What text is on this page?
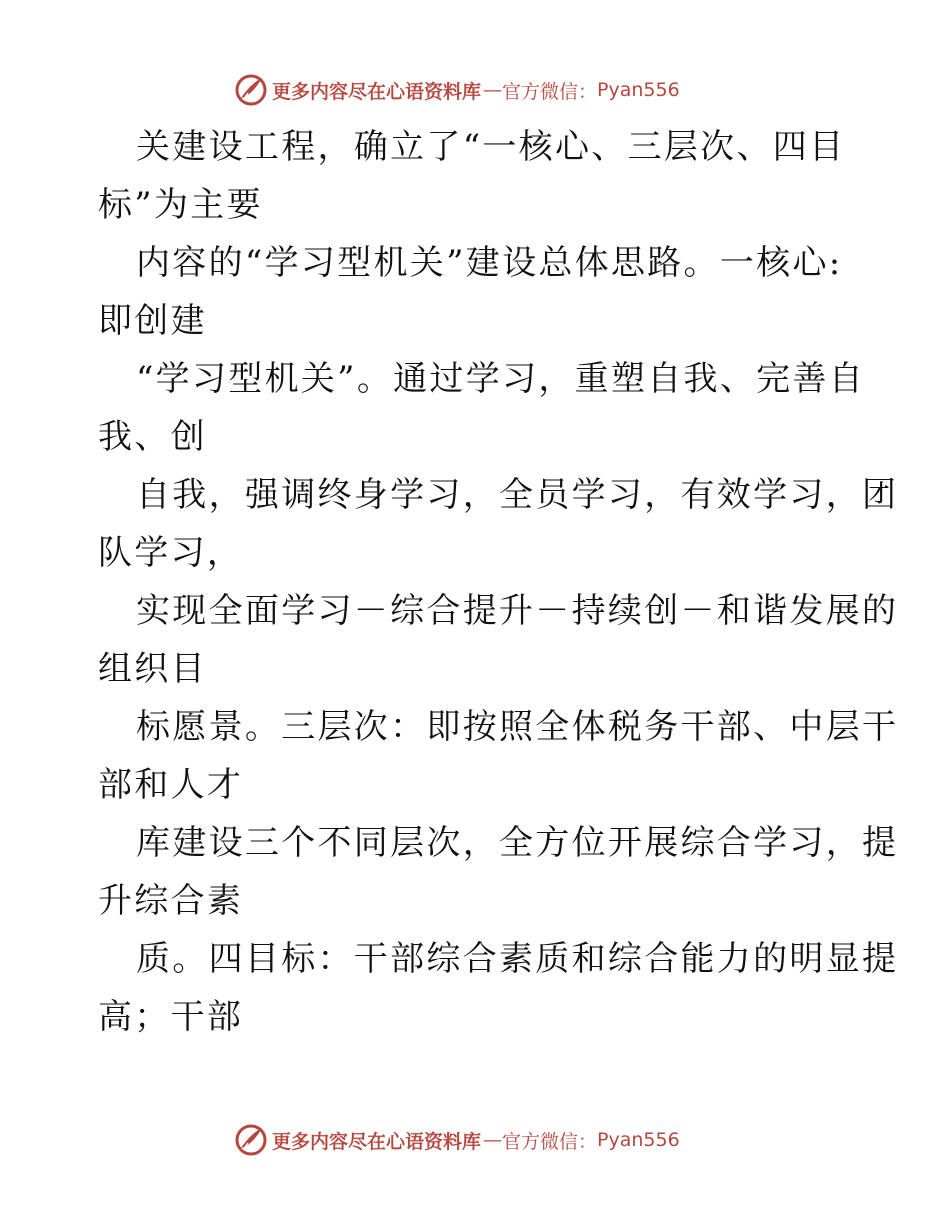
更多内容尽在心语资料库 — 官方微信： Pyan556
关建设工程，确立了“一核心、三层次、四目
标”为主要
内容的“学习型机关”建设总体思路。一核心:
即创建
“学习型机关”。通过学习，重塑自我、完善自
我、创
自我，强调终身学习，全员学习，有效学习，团
队学习，
实现全面学习－综合提升－持续创－和谐发展的
组织目
标愿景。三层次：即按照全体税务干部、中层干
部和人才
库建设三个不同层次，全方位开展综合学习，提
升综合素
质。四目标：干部综合素质和综合能力的明显提
高；干部
更多内容尽在心语资料库 — 官方微信： Pyan556
